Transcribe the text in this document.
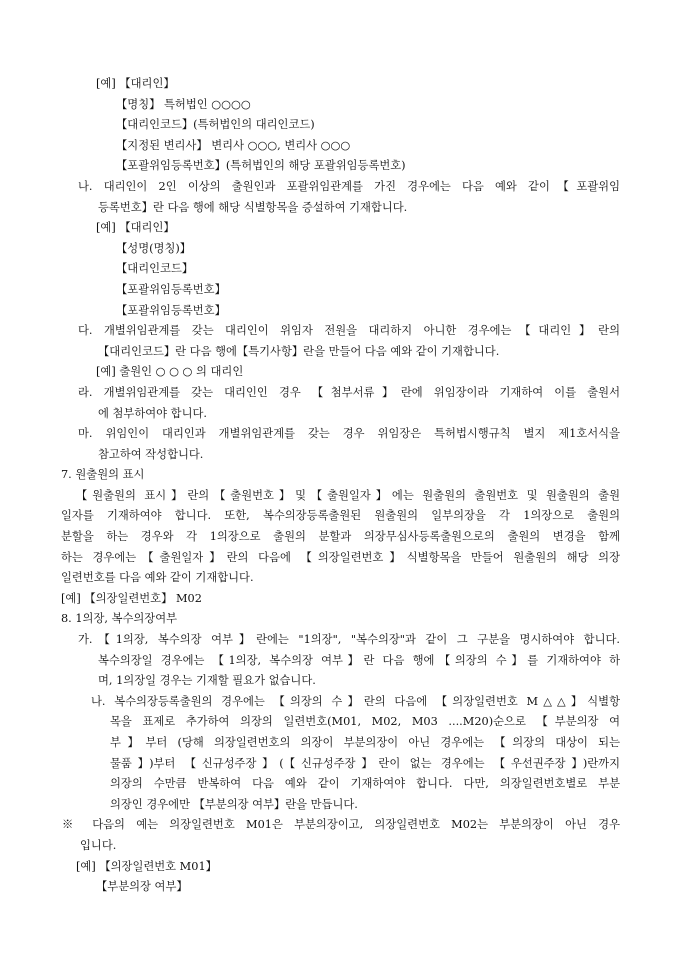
[예] 【대리인】
【명칭】 특허법인 ○○○○
【대리인코드】(특허법인의 대리인코드)
【지정된 변리사】 변리사 ○○○, 변리사 ○○○
【포괄위임등록번호】(특허법인의 해당 포괄위임등록번호)
나. 대리인이 2인 이상의 출원인과 포괄위임관계를 가진 경우에는 다음 예와 같이【포괄위임
등록번호】란 다음 행에 해당 식별항목을 증설하여 기재합니다.
[예] 【대리인】
【성명(명칭)】
【대리인코드】
【포괄위임등록번호】
【포괄위임등록번호】
다. 개별위임관계를 갖는 대리인이 위임자 전원을 대리하지 아니한 경우에는【대리인】란의
【대리인코드】란 다음 행에【특기사항】란을 만들어 다음 예와 같이 기재합니다.
[예] 출원인 ○ ○ ○ 의 대리인
라. 개별위임관계를 갖는 대리인인 경우 【첨부서류】란에 위임장이라 기재하여 이를 출원서
에 첨부하여야 합니다.
마. 위임인이 대리인과 개별위임관계를 갖는 경우 위임장은 특허법시행규칙 별지 제1호서식을
참고하여 작성합니다.
7. 원출원의 표시
【원출원의 표시】란의【출원번호】및【출원일자】에는 원출원의 출원번호 및 원출원의 출원
일자를 기재하여야 합니다. 또한, 복수의장등록출원된 원출원의 일부의장을 각 1의장으로 출원의
분할을 하는 경우와 각 1의장으로 출원의 분할과 의장무심사등록출원으로의 출원의 변경을 함께
하는 경우에는【출원일자】란의 다음에 【의장일련번호】식별항목을 만들어 원출원의 해당 의장
일련번호를 다음 예와 같이 기재합니다.
[예] 【의장일련번호】 M02
8. 1의장, 복수의장여부
가.【1의장, 복수의장 여부】란에는 "1의장", "복수의장"과 같이 그 구분을 명시하여야 합니다.
복수의장일 경우에는 【1의장, 복수의장 여부】란 다음 행에【의장의 수】를 기재하여야 하
며, 1의장일 경우는 기재할 필요가 없습니다.
나. 복수의장등록출원의 경우에는 【의장의 수】란의 다음에 【의장일련번호 M△△】식별항
목을 표제로 추가하여 의장의 일련번호(M01, M02, M03 ....M20)순으로 【부분의장 여
부】부터 (당해 의장일련번호의 의장이 부분의장이 아닌 경우에는 【의장의 대상이 되는
물품】)부터 【신규성주장】(【신규성주장】란이 없는 경우에는 【우선권주장】)란까지
의장의 수만큼 반복하여 다음 예와 같이 기재하여야 합니다. 다만, 의장일련번호별로 부분
의장인 경우에만 【부분의장 여부】란을 만듭니다.
※ 다음의 예는 의장일련번호 M01은 부분의장이고, 의장일련번호 M02는 부분의장이 아닌 경우
입니다.
[예] 【의장일련번호 M01】
【부분의장 여부】
